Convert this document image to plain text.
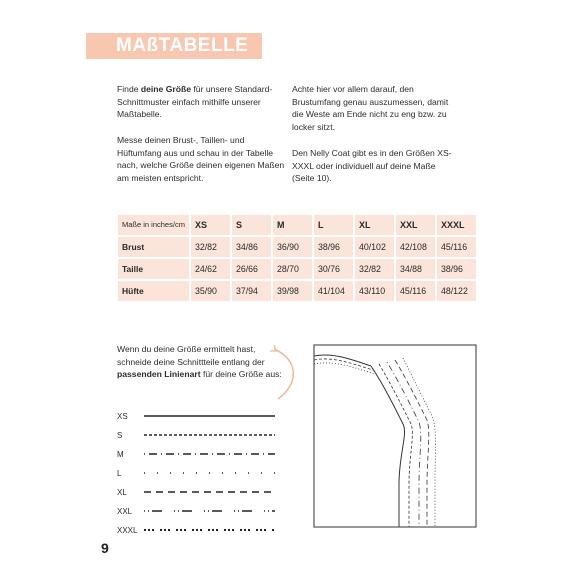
MAßTABELLE
Finde deine Größe für unsere Standard-Schnittmuster einfach mithilfe unserer Maßtabelle.
Messe deinen Brust-, Taillen- und Hüftumfang aus und schau in der Tabelle nach, welche Größe deinen eigenen Maßen am meisten entspricht.
Achte hier vor allem darauf, den Brustumfang genau auszumessen, damit die Weste am Ende nicht zu eng bzw. zu locker sitzt.
Den Nelly Coat gibt es in den Größen XS-XXXL oder individuell auf deine Maße (Seite 10).
Maße in inches/cm	XS	S	M	L	XL	XXL	XXXL
Brust	32/82	34/86	36/90	38/96	40/102	42/108	45/116
Taille	24/62	26/66	28/70	30/76	32/82	34/88	38/96
Hüfte	35/90	37/94	39/98	41/104	43/110	45/116	48/122
Wenn du deine Größe ermittelt hast, schneide deine Schnittteile entlang der passenden Linienart für deine Größe aus:
XS
S
M
L
XL
XXL
XXXL
9
